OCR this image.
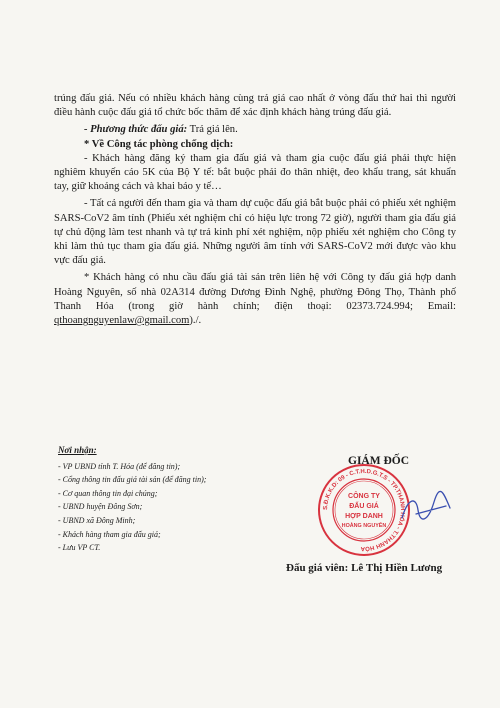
trúng đấu giá. Nếu có nhiều khách hàng cùng trả giá cao nhất ở vòng đấu thứ hai thì người điều hành cuộc đấu giá tổ chức bốc thăm để xác định khách hàng trúng đấu giá.

- Phương thức đấu giá: Trả giá lên.

* Về Công tác phòng chống dịch:

- Khách hàng đăng ký tham gia đấu giá và tham gia cuộc đấu giá phải thực hiện nghiêm khuyến cáo 5K của Bộ Y tế: bắt buộc phải đo thân nhiệt, đeo khẩu trang, sát khuẩn tay, giữ khoảng cách và khai báo y tế…

- Tất cả người đến tham gia và tham dự cuộc đấu giá bắt buộc phải có phiếu xét nghiệm SARS-CoV2 âm tính (Phiếu xét nghiệm chỉ có hiệu lực trong 72 giờ), người tham gia đấu giá tự chủ động làm test nhanh và tự trả kinh phí xét nghiệm, nộp phiếu xét nghiệm cho Công ty khi làm thủ tục tham gia đấu giá. Những người âm tính với SARS-CoV2 mới được vào khu vực đấu giá.

* Khách hàng có nhu cầu đấu giá tài sản trên liên hệ với Công ty đấu giá hợp danh Hoàng Nguyên, số nhà 02A314 đường Dương Đình Nghệ, phường Đông Thọ, Thành phố Thanh Hóa (trong giờ hành chính; điện thoại: 02373.724.994; Email: qthoangnguyenlaw@gmail.com)./.

Nơi nhận:
- VP UBND tỉnh T. Hóa (để đăng tin);
- Cổng thông tin đấu giá tài sản (để đăng tin);
- Cơ quan thông tin đại chúng;
- UBND huyện Đông Sơn;
- UBND xã Đông Minh;
- Khách hàng tham gia đấu giá;
- Lưu VP CT.
GIÁM ĐỐC
S.Đ.K.K.D: 09 - C.T.H.D.G.T.S - TP.THANH HÓA - T.THANH HÓA
CÔNG TY
ĐẤU GIÁ
HỢP DANH
HOÀNG NGUYÊN
Đấu giá viên: Lê Thị Hiền Lương
